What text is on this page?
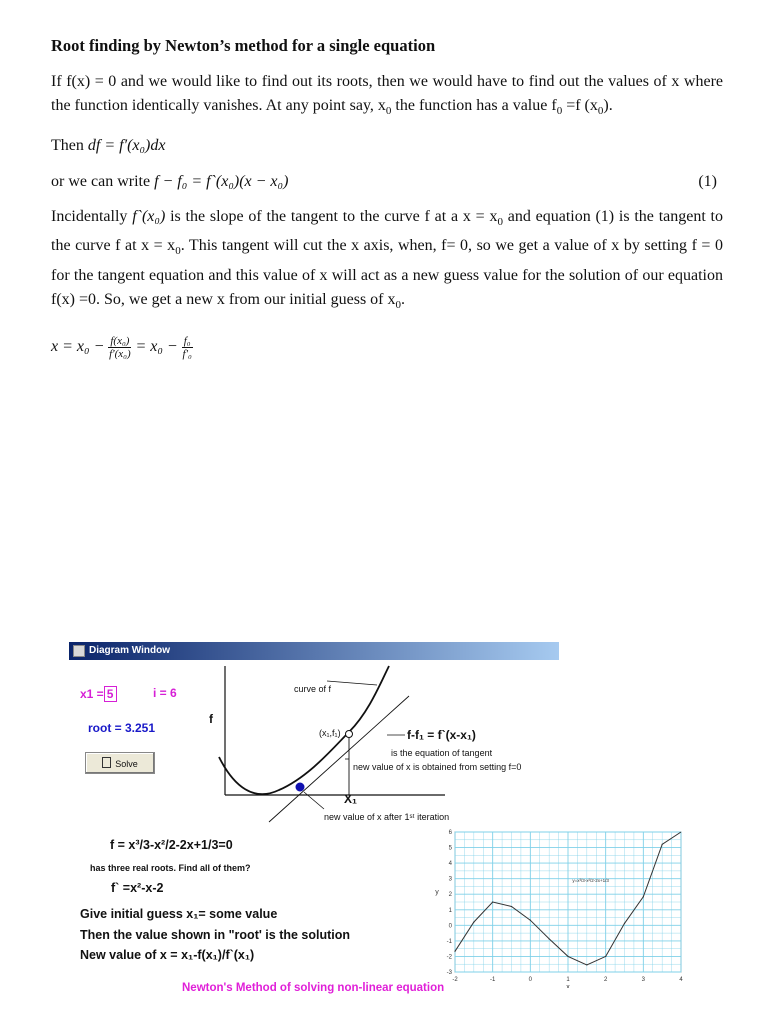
Root finding by Newton’s method for a single equation

If f(x) = 0 and we would like to find out its roots, then we would have to find out the values of x where the function identically vanishes. At any point say, $x_0$ the function has a value $f_0 =f$ $(x_0)$.

Then df = f′(x₀)dx
or we can write f − f₀ = f`(x₀)(x − x₀)	(1)

Incidentally f`(x₀) is the slope of the tangent to the curve f at a $x = x_0$ and equation (1) is the tangent to the curve f at $x = x_0$. This tangent will cut the x axis, when, f= 0, so we get a value of x by setting f = 0 for the tangent equation and this value of x will act as a new guess value for the solution of our equation f(x) =0. So, we get a new x from our initial guess of $x_0$.

$x = x_0 - \frac{\text{f(x₀)}}{\text{f′(x₀)}} = x_0 - \frac{\text{f₀}}{\text{f′₀}}$
Diagram Window
x1 = 5	i = 6
root = 3.251
Solve
f
curve of f
(x₁,f₁)	f-f₁ = f`(x-x₁)
is the equation of tangent
new value of x is obtained from setting f=0
X₁
new value of x after 1ˢᵗ iteration
f = x³/3-x²/2-2x+1/3=0
has three real roots. Find all of them?
f` =x²-x-2
Give initial guess x₁= some value
Then the value shown in "root' is the solution
New value of x = x₁-f(x₁)/f`(x₁)
-2	-1	0	1	2	3	4
-3
-2
-1
0
1
2
3
4
5
6
x
y
y=x³/3-x²/2-2x+1/3
Newton's Method of solving non-linear equation
